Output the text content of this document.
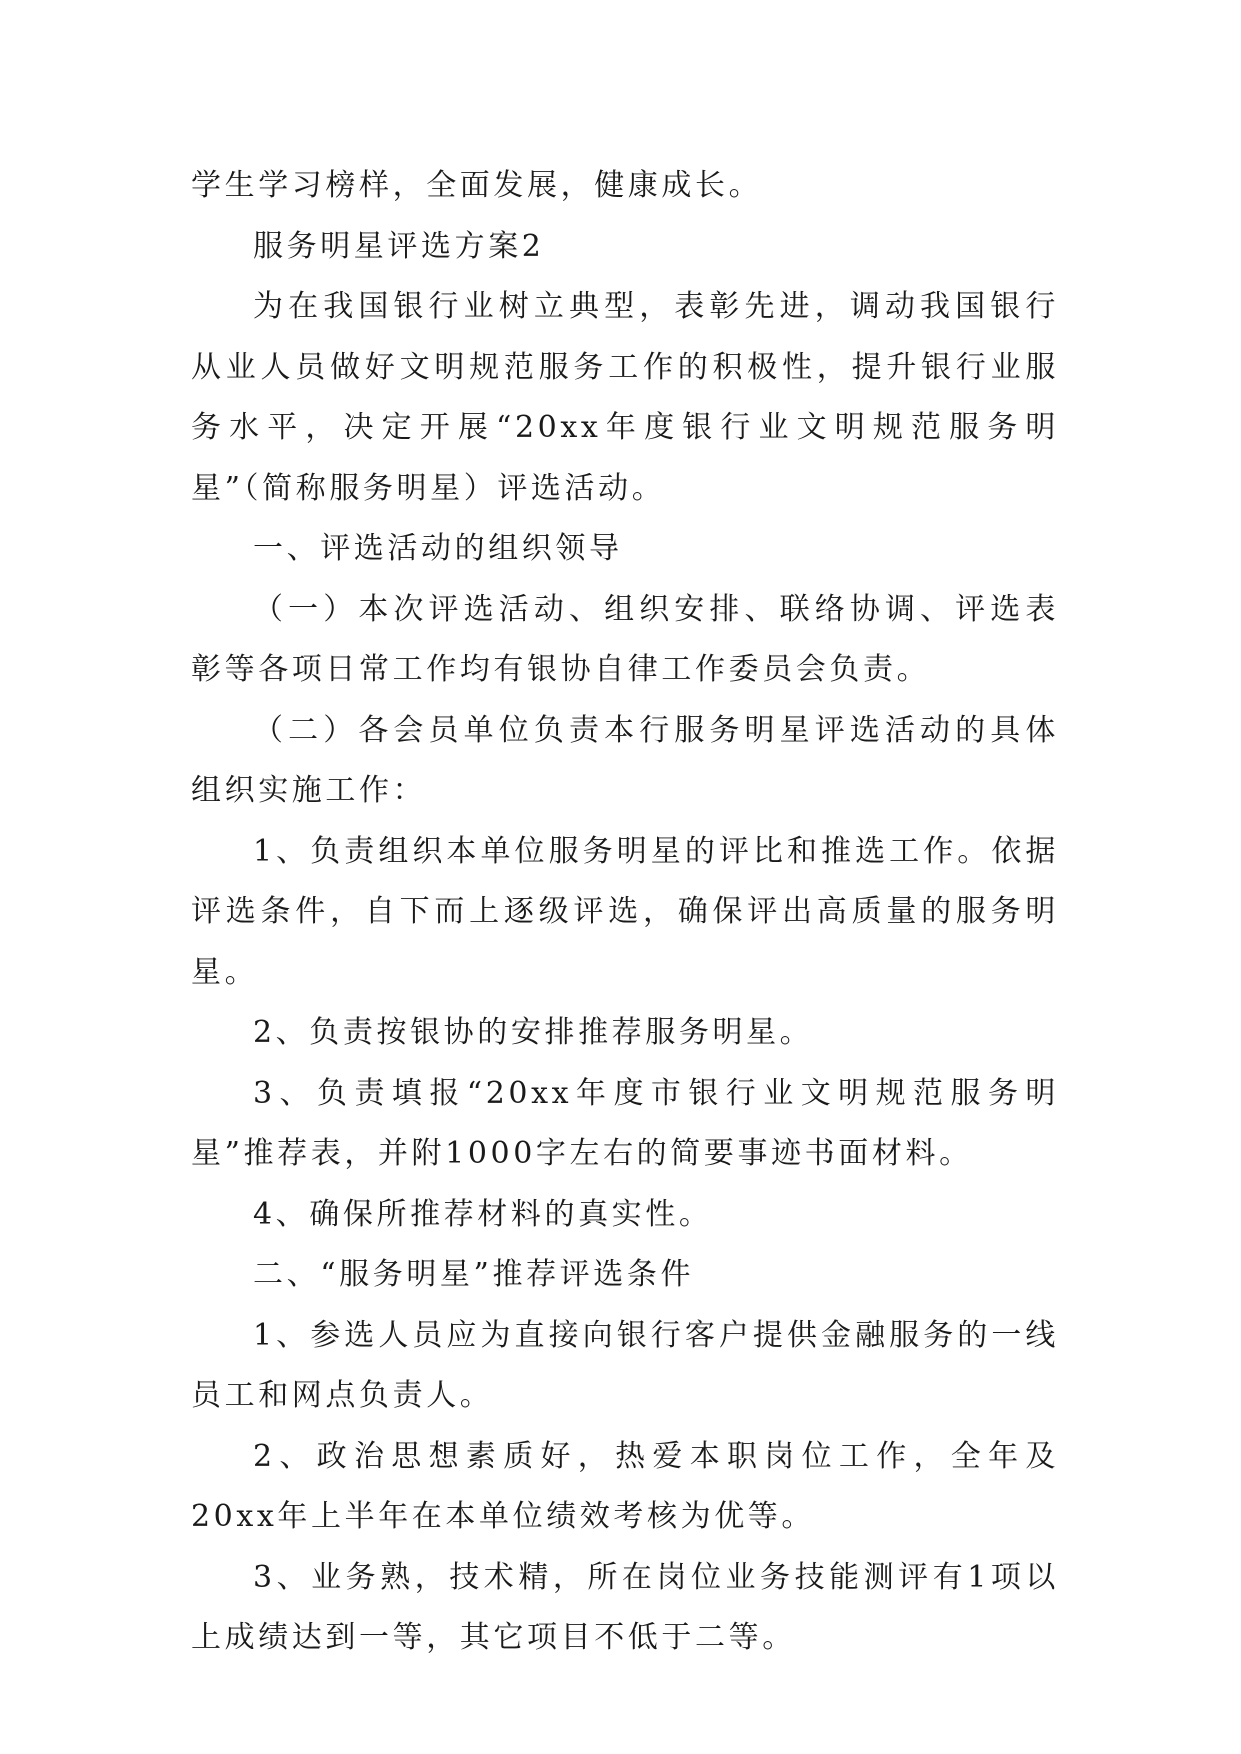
学生学习榜样，全面发展，健康成长。

服务明星评选方案2

为在我国银行业树立典型，表彰先进，调动我国银行从业人员做好文明规范服务工作的积极性，提升银行业服务水平，决定开展“20xx年度银行业文明规范服务明星”（简称服务明星）评选活动。

一、评选活动的组织领导

（一）本次评选活动、组织安排、联络协调、评选表彰等各项日常工作均有银协自律工作委员会负责。

（二）各会员单位负责本行服务明星评选活动的具体组织实施工作：

1、负责组织本单位服务明星的评比和推选工作。依据评选条件，自下而上逐级评选，确保评出高质量的服务明星。

2、负责按银协的安排推荐服务明星。

3、负责填报“20xx年度市银行业文明规范服务明星”推荐表，并附1000字左右的简要事迹书面材料。

4、确保所推荐材料的真实性。

二、“服务明星”推荐评选条件

1、参选人员应为直接向银行客户提供金融服务的一线员工和网点负责人。

2、政治思想素质好，热爱本职岗位工作，全年及20xx年上半年在本单位绩效考核为优等。

3、业务熟，技术精，所在岗位业务技能测评有1项以上成绩达到一等，其它项目不低于二等。
